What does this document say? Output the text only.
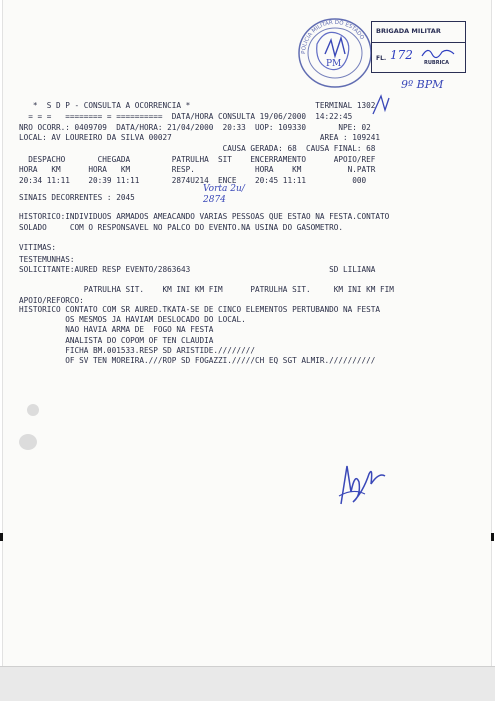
*  S D P - CONSULTA A OCORRENCIA *                           TERMINAL 1302
= = =   ======== = ==========  DATA/HORA CONSULTA 19/06/2000  14:22:45
NRO OCORR.: 0409709  DATA/HORA: 21/04/2000  20:33  UOP: 109330       NPE: 02
LOCAL: AV LOUREIRO DA SILVA 00027                                AREA : 109241
CAUSA GERADA: 68  CAUSA FINAL: 68
DESPACHO       CHEGADA         PATRULHA  SIT    ENCERRAMENTO      APOIO/REF
HORA   KM      HORA   KM         RESP.             HORA    KM          N.PATR
20:34 11:11    20:39 11:11       2874U214  ENCE    20:45 11:11          000
SINAIS DECORRENTES : 2045
HISTORICO:INDIVIDUOS ARMADOS AMEACANDO VARIAS PESSOAS QUE ESTAO NA FESTA.CONTATO
SOLADO     COM O RESPONSAVEL NO PALCO DO EVENTO.NA USINA DO GASOMETRO.
VITIMAS:
TESTEMUNHAS:
SOLICITANTE:AURED RESP EVENTO/2863643                              SD LILIANA
PATRULHA SIT.    KM INI KM FIM      PATRULHA SIT.     KM INI KM FIM
APOIO/REFORCO:
HISTORICO CONTATO COM SR AURED.TKATA-SE DE CINCO ELEMENTOS PERTUBANDO NA FESTA
OS MESMOS JA HAVIAM DESLOCADO DO LOCAL.
NAO HAVIA ARMA DE  FOGO NA FESTA
ANALISTA DO COPOM OF TEN CLAUDIA
FICHA BM.001533.RESP SD ARISTIDE.////////
OF SV TEN MOREIRA.///ROP SD FOGAZZI./////CH EQ SGT ALMIR.//////////
PM
POLICIA MILITAR DO ESTADO
BRIGADA MILITAR
FL. 172
RUBRICA
9º BPM
Vorta 2u/ 2874
